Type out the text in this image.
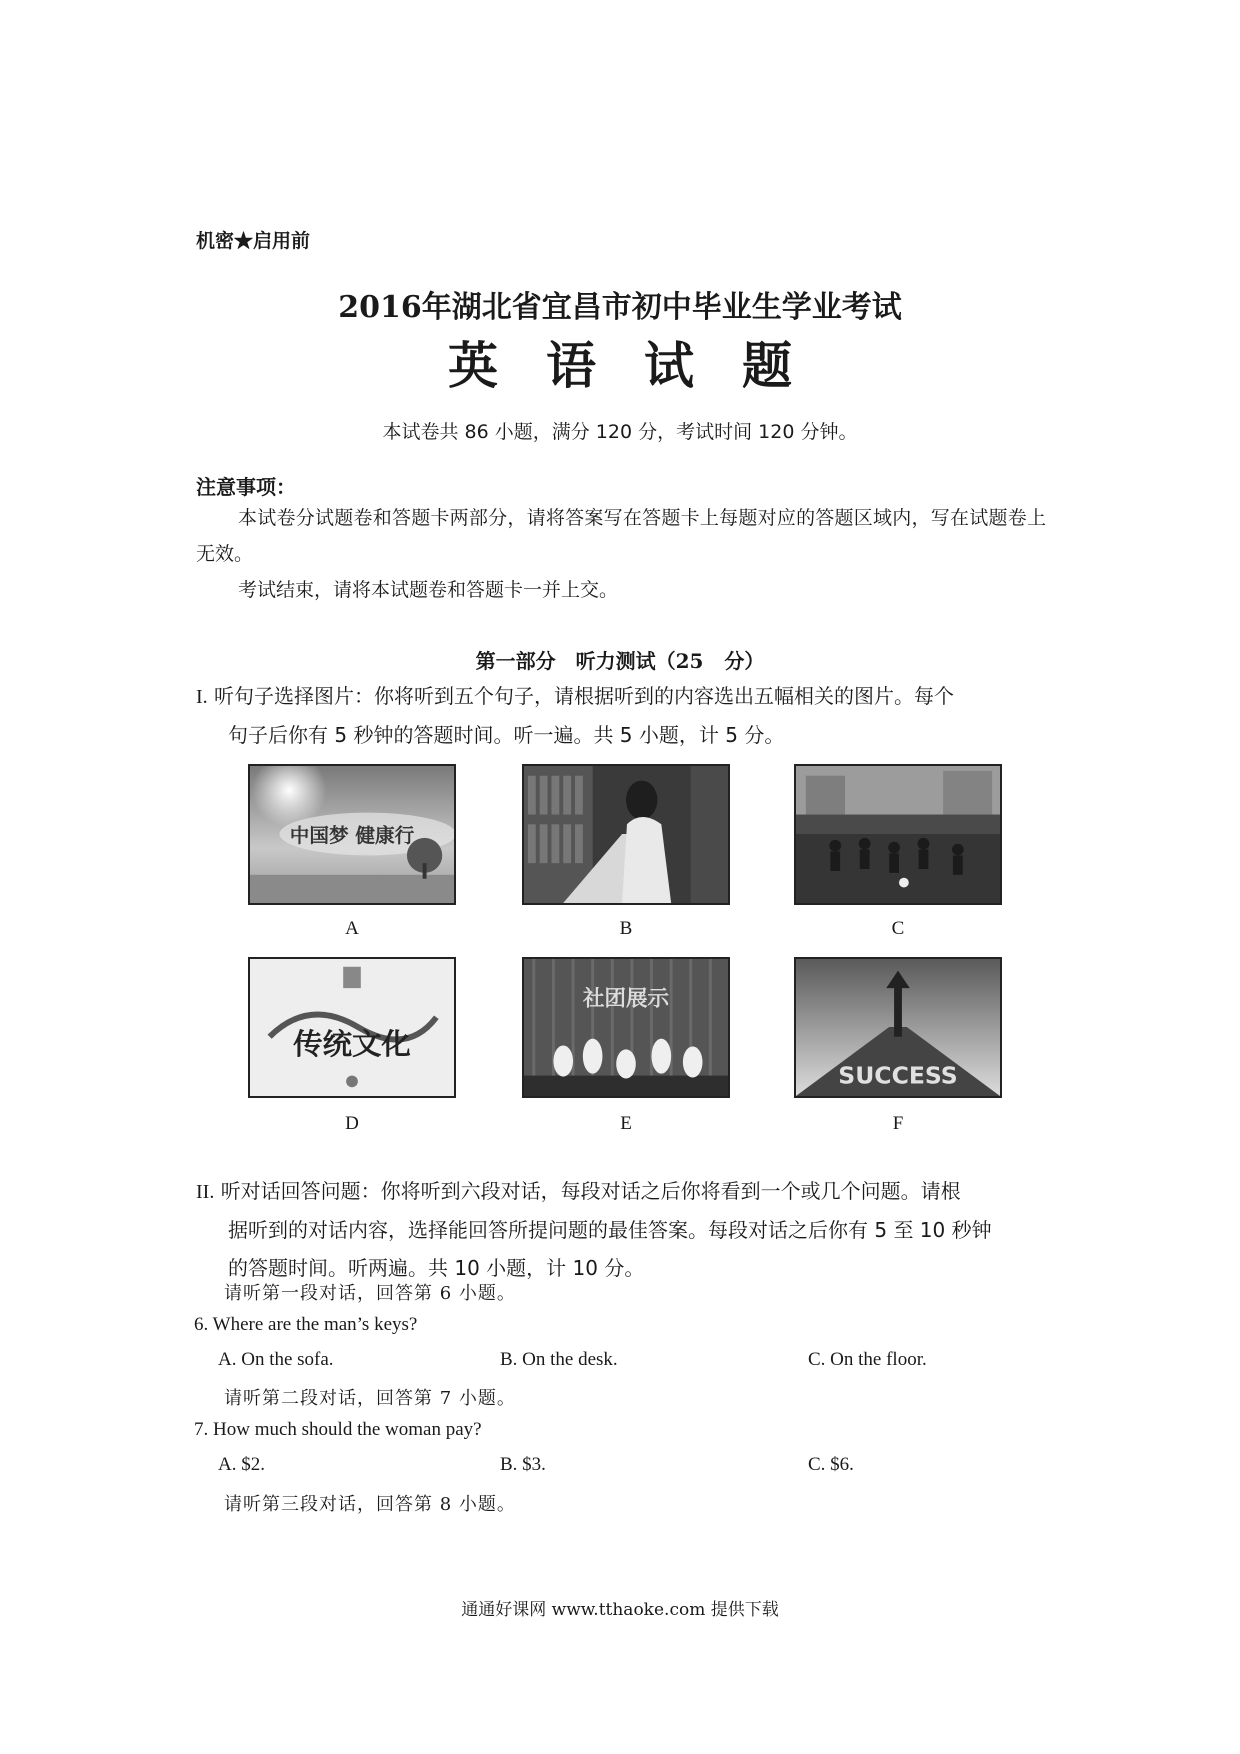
机密★启用前
2016年湖北省宜昌市初中毕业生学业考试
英语试题
本试卷共 86 小题，满分 120 分，考试时间 120 分钟。
注意事项：
本试卷分试题卷和答题卡两部分，请将答案写在答题卡上每题对应的答题区域内，写在试题卷上无效。
考试结束，请将本试题卷和答题卡一并上交。
第一部分　听力测试（25 分）
I. 听句子选择图片：你将听到五个句子，请根据听到的内容选出五幅相关的图片。每个
句子后你有 5 秒钟的答题时间。听一遍。共 5 小题，计 5 分。
中国梦 健康行
A	B	C
传统文化
D
社团展示
E
SUCCESS
F
II. 听对话回答问题：你将听到六段对话，每段对话之后你将看到一个或几个问题。请根
据听到的对话内容，选择能回答所提问题的最佳答案。每段对话之后你有 5 至 10 秒钟
的答题时间。听两遍。共 10 小题，计 10 分。
请听第一段对话，回答第 6 小题。
6. Where are the man’s keys?
A. On the sofa.	B. On the desk.	C. On the floor.
请听第二段对话，回答第 7 小题。
7. How much should the woman pay?
A. $2.	B. $3.	C. $6.
请听第三段对话，回答第 8 小题。
通通好课网 www.tthaoke.com 提供下载
